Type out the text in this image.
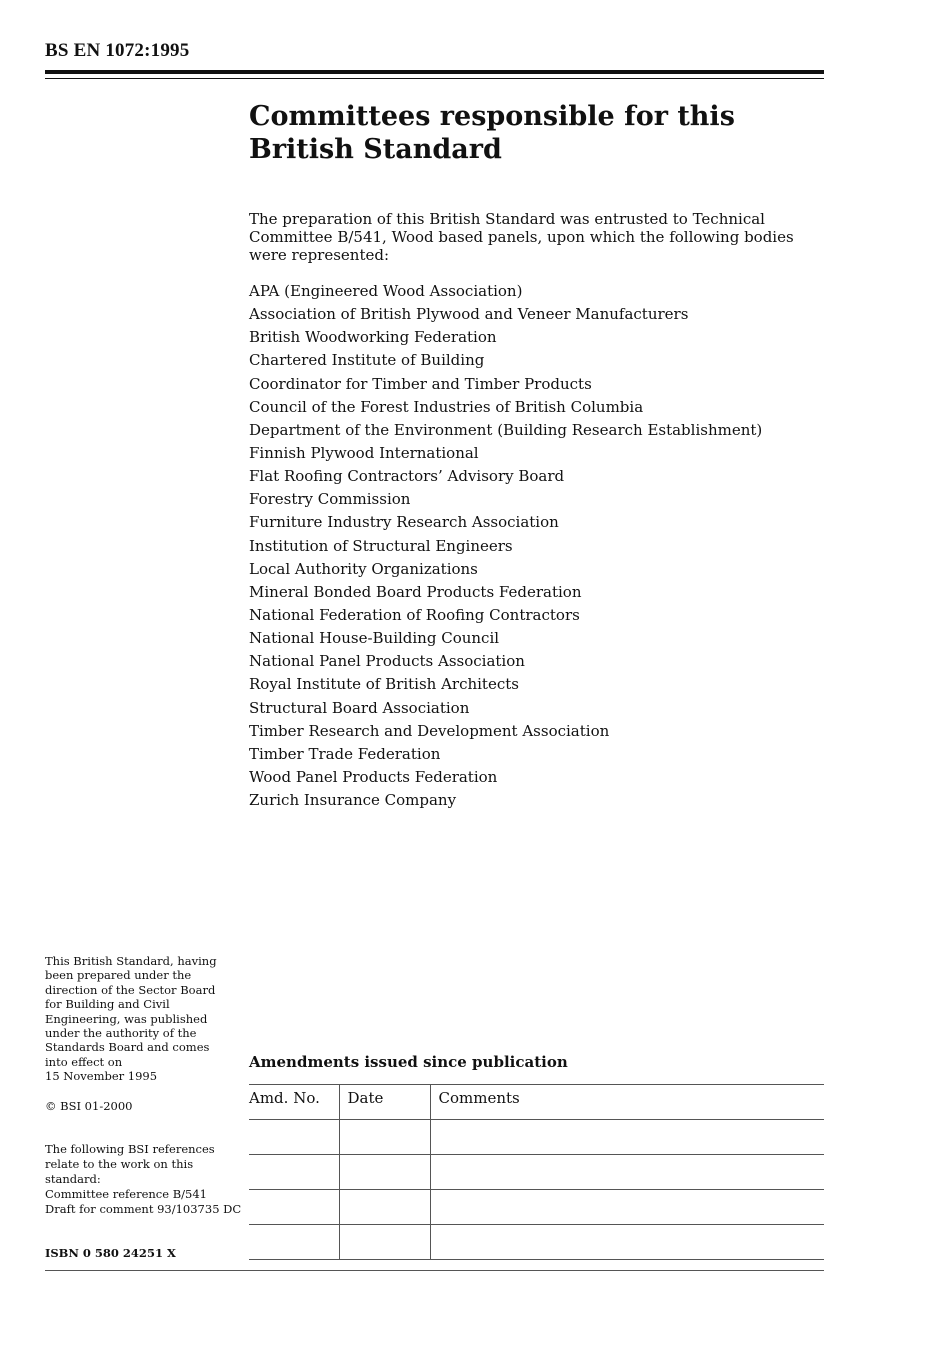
BS EN 1072:1995
Committees responsible for this
British Standard

The preparation of this British Standard was entrusted to Technical Committee B/541, Wood based panels, upon which the following bodies were represented:

APA (Engineered Wood Association)
Association of British Plywood and Veneer Manufacturers
British Woodworking Federation
Chartered Institute of Building
Coordinator for Timber and Timber Products
Council of the Forest Industries of British Columbia
Department of the Environment (Building Research Establishment)
Finnish Plywood International
Flat Roofing Contractors’ Advisory Board
Forestry Commission
Furniture Industry Research Association
Institution of Structural Engineers
Local Authority Organizations
Mineral Bonded Board Products Federation
National Federation of Roofing Contractors
National House-Building Council
National Panel Products Association
Royal Institute of British Architects
Structural Board Association
Timber Research and Development Association
Timber Trade Federation
Wood Panel Products Federation
Zurich Insurance Company
This British Standard, having
been prepared under the
direction of the Sector Board
for Building and Civil
Engineering, was published
under the authority of the
Standards Board and comes
into effect on
15 November 1995
© BSI 01-2000
The following BSI references
relate to the work on this
standard:
Committee reference B/541
Draft for comment 93/103735 DC
ISBN 0 580 24251 X
Amendments issued since publication
Amd. No.	Date	Comments
